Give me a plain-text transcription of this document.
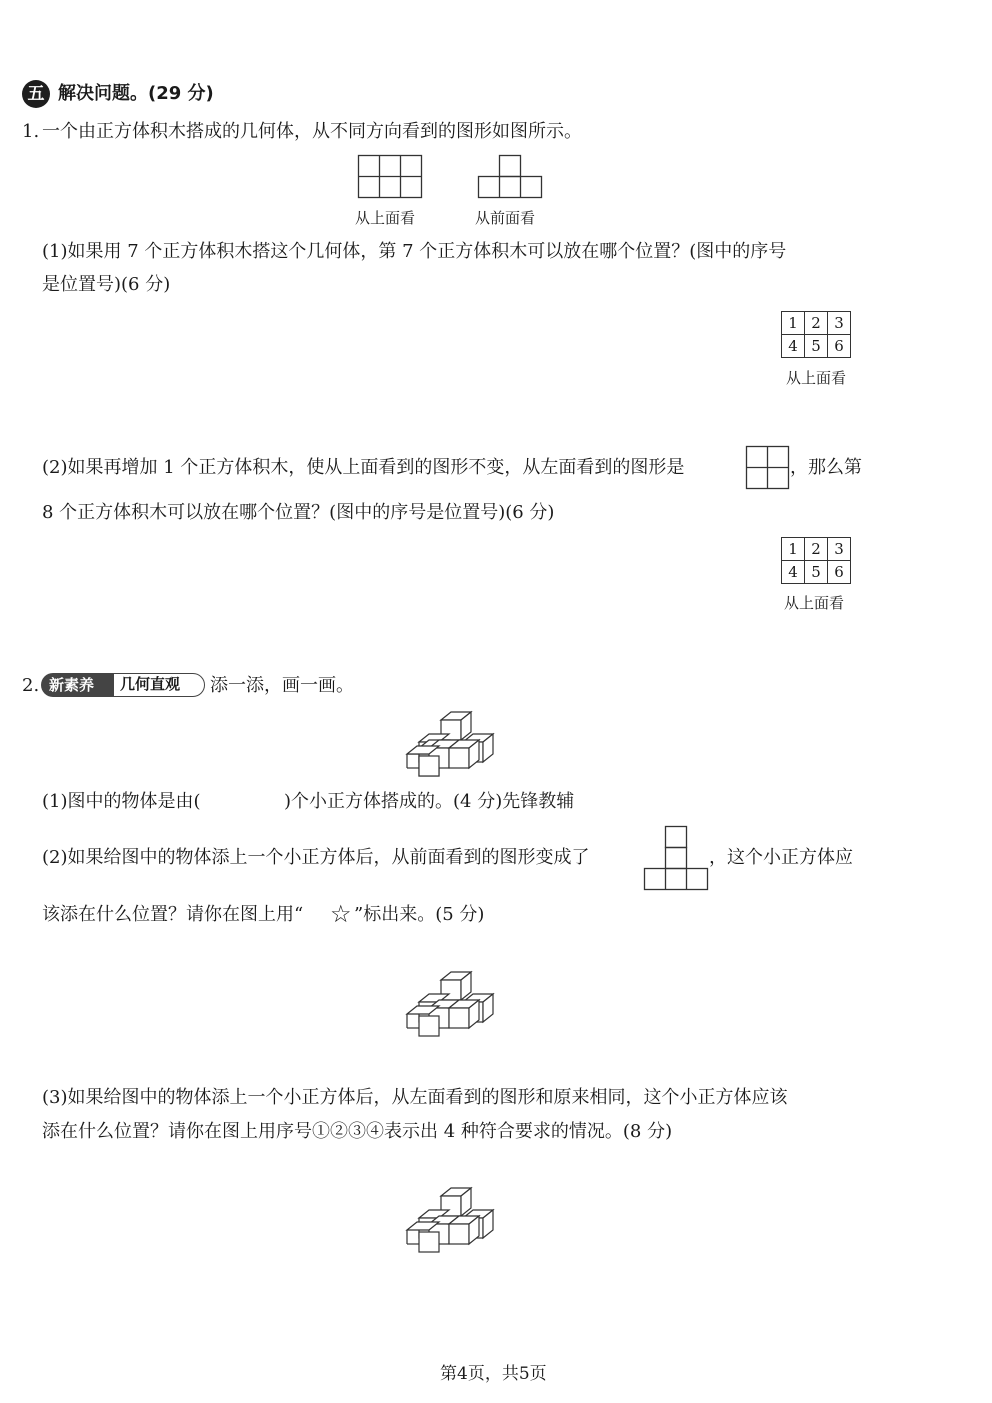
五 解决问题。(29 分)
1. 一个由正方体积木搭成的几何体，从不同方向看到的图形如图所示。
从上面看	从前面看
(1)如果用 7 个正方体积木搭这个几何体，第 7 个正方体积木可以放在哪个位置？(图中的序号
是位置号)(6 分)
1	2	3
4	5	6
从上面看
(2)如果再增加 1 个正方体积木，使从上面看到的图形不变，从左面看到的图形是	，那么第
8 个正方体积木可以放在哪个位置？(图中的序号是位置号)(6 分)
1	2	3
4	5	6
从上面看
2. 新素养	几何直观	添一添，画一画。
(1)图中的物体是由(	)个小正方体搭成的。(4 分)先锋教辅
(2)如果给图中的物体添上一个小正方体后，从前面看到的图形变成了	，这个小正方体应
该添在什么位置？请你在图上用“ ☆ ”标出来。(5 分)
(3)如果给图中的物体添上一个小正方体后，从左面看到的图形和原来相同，这个小正方体应该
添在什么位置？请你在图上用序号①②③④表示出 4 种符合要求的情况。(8 分)
第4页，共5页
